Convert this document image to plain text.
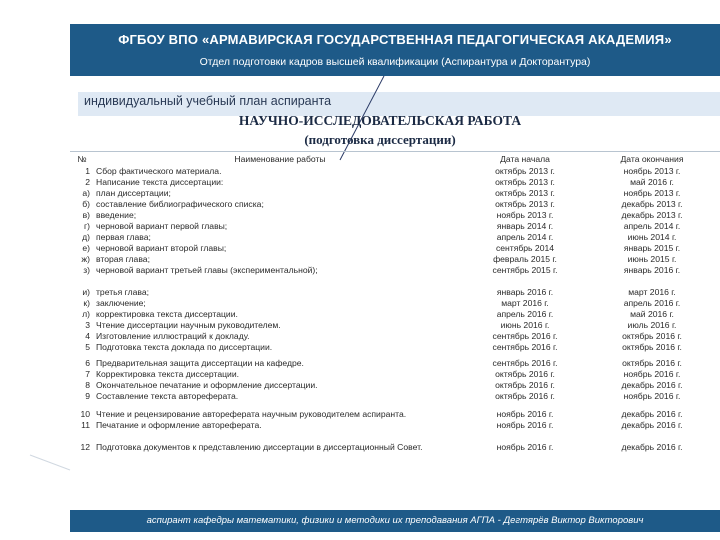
ФГБОУ ВПО «АРМАВИРСКАЯ ГОСУДАРСТВЕННАЯ ПЕДАГОГИЧЕСКАЯ АКАДЕМИЯ»
Отдел подготовки кадров высшей квалификации (Аспирантура и Докторантура)
индивидуальный учебный план аспиранта
НАУЧНО-ИССЛЕДОВАТЕЛЬСКАЯ РАБОТА
(подготовка диссертации)
№	Наименование работы	Дата начала	Дата окончания
1	Сбор фактического материала.	октябрь 2013 г.	ноябрь 2013 г.
2	Написание текста диссертации:	октябрь 2013 г.	май 2016 г.
а)	план диссертации;	октябрь 2013 г.	ноябрь 2013 г.
б)	составление библиографического списка;	октябрь 2013 г.	декабрь 2013 г.
в)	введение;	ноябрь 2013 г.	декабрь 2013 г.
г)	черновой вариант первой главы;	январь 2014 г.	апрель 2014 г.
д)	первая глава;	апрель 2014 г.	июнь 2014 г.
е)	черновой вариант второй главы;	сентябрь 2014	январь 2015 г.
ж)	вторая глава;	февраль 2015 г.	июнь 2015 г.
з)	черновой вариант третьей главы (экспериментальной);	сентябрь 2015 г.	январь 2016 г.

и)	третья глава;	январь 2016 г.	март 2016 г.
к)	заключение;	март 2016 г.	апрель 2016 г.
л)	корректировка текста диссертации.	апрель 2016 г.	май 2016 г.
3	Чтение диссертации научным руководителем.	июнь 2016 г.	июль 2016 г.
4	Изготовление иллюстраций к докладу.	сентябрь 2016 г.	октябрь 2016 г.
5	Подготовка текста доклада по диссертации.	сентябрь 2016 г.	октябрь 2016 г.
6	Предварительная защита диссертации на кафедре.	сентябрь 2016 г.	октябрь 2016 г.
7	Корректировка текста диссертации.	октябрь 2016 г.	ноябрь 2016 г.
8	Окончательное печатание и оформление диссертации.	октябрь 2016 г.	декабрь 2016 г.
9	Составление текста автореферата.	октябрь 2016 г.	ноябрь 2016 г.
10	Чтение и рецензирование автореферата научным руководителем аспиранта.	ноябрь 2016 г.	декабрь 2016 г.
11	Печатание и оформление автореферата.	ноябрь 2016 г.	декабрь 2016 г.
12	Подготовка документов к представлению диссертации в диссертационный Совет.	ноябрь 2016 г.	декабрь 2016 г.
аспирант кафедры математики, физики и методики их преподавания АГПА - Дегтярёв Виктор Викторович
